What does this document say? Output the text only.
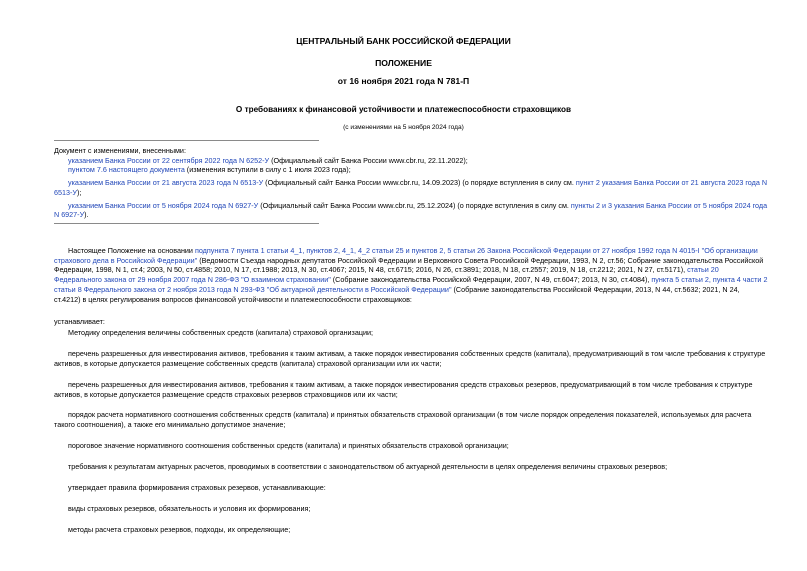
ЦЕНТРАЛЬНЫЙ БАНК РОССИЙСКОЙ ФЕДЕРАЦИИ
ПОЛОЖЕНИЕ
от 16 ноября 2021 года N 781-П
О требованиях к финансовой устойчивости и платежеспособности страховщиков
(с изменениями на 5 ноября 2024 года)

Документ с изменениями, внесенными:

указанием Банка России от 22 сентября 2022 года N 6252-У (Официальный сайт Банка России www.cbr.ru, 22.11.2022);

пунктом 7.6 настоящего документа (изменения вступили в силу с 1 июля 2023 года);

указанием Банка России от 21 августа 2023 года N 6513-У (Официальный сайт Банка России www.cbr.ru, 14.09.2023) (о порядке вступления в силу см. пункт 2 указания Банка России от 21 августа 2023 года N 6513-У);

указанием Банка России от 5 ноября 2024 года N 6927-У (Официальный сайт Банка России www.cbr.ru, 25.12.2024) (о порядке вступления в силу см. пункты 2 и 3 указания Банка России от 5 ноября 2024 года N 6927-У).

Настоящее Положение на основании подпункта 7 пункта 1 статьи 4_1, пунктов 2, 4_1, 4_2 статьи 25 и пунктов 2, 5 статьи 26 Закона Российской Федерации от 27 ноября 1992 года N 4015-I "Об организации страхового дела в Российской Федерации" (Ведомости Съезда народных депутатов Российской Федерации и Верховного Совета Российской Федерации, 1993, N 2, ст.56; Собрание законодательства Российской Федерации, 1998, N 1, ст.4; 2003, N 50, ст.4858; 2010, N 17, ст.1988; 2013, N 30, ст.4067; 2015, N 48, ст.6715; 2016, N 26, ст.3891; 2018, N 18, ст.2557; 2019, N 18, ст.2212; 2021, N 27, ст.5171), статьи 20 Федерального закона от 29 ноября 2007 года N 286-ФЗ "О взаимном страховании" (Собрание законодательства Российской Федерации, 2007, N 49, ст.6047; 2013, N 30, ст.4084), пункта 5 статьи 2, пункта 4 части 2 статьи 8 Федерального закона от 2 ноября 2013 года N 293-ФЗ "Об актуарной деятельности в Российской Федерации" (Собрание законодательства Российской Федерации, 2013, N 44, ст.5632; 2021, N 24, ст.4212) в целях регулирования вопросов финансовой устойчивости и платежеспособности страховщиков:

устанавливает:
Методику определения величины собственных средств (капитала) страховой организации;
перечень разрешенных для инвестирования активов, требования к таким активам, а также порядок инвестирования собственных средств (капитала), предусматривающий в том числе требования к структуре активов, в которые допускается размещение собственных средств (капитала) страховой организации или их части;
перечень разрешенных для инвестирования активов, требования к таким активам, а также порядок инвестирования средств страховых резервов, предусматривающий в том числе требования к структуре активов, в которые допускается размещение средств страховых резервов страховщиков или их части;
порядок расчета нормативного соотношения собственных средств (капитала) и принятых обязательств страховой организации (в том числе порядок определения показателей, используемых для расчета такого соотношения), а также его минимально допустимое значение;
пороговое значение нормативного соотношения собственных средств (капитала) и принятых обязательств страховой организации;
требования к результатам актуарных расчетов, проводимых в соответствии с законодательством об актуарной деятельности в целях определения величины страховых резервов;
утверждает правила формирования страховых резервов, устанавливающие:
виды страховых резервов, обязательность и условия их формирования;
методы расчета страховых резервов, подходы, их определяющие;
